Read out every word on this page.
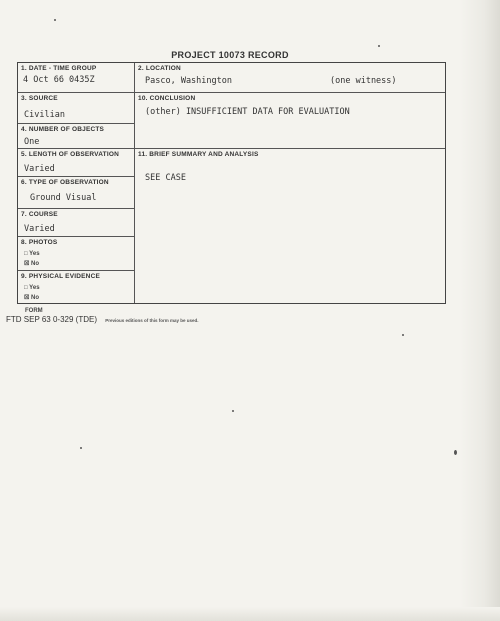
PROJECT 10073 RECORD
1. DATE - TIME GROUP
4 Oct 66 0435Z
2. LOCATION
Pasco, Washington	(one witness)
3. SOURCE
Civilian
10. CONCLUSION
(other) INSUFFICIENT DATA FOR EVALUATION
4. NUMBER OF OBJECTS
One
5. LENGTH OF OBSERVATION
Varied
11. BRIEF SUMMARY AND ANALYSIS
SEE CASE
6. TYPE OF OBSERVATION
Ground Visual
7. COURSE
Varied
8. PHOTOS
□ Yes
☒ No
9. PHYSICAL EVIDENCE
□ Yes
☒ No
FORM
FTD SEP 63 0-329 (TDE) Previous editions of this form may be used.
